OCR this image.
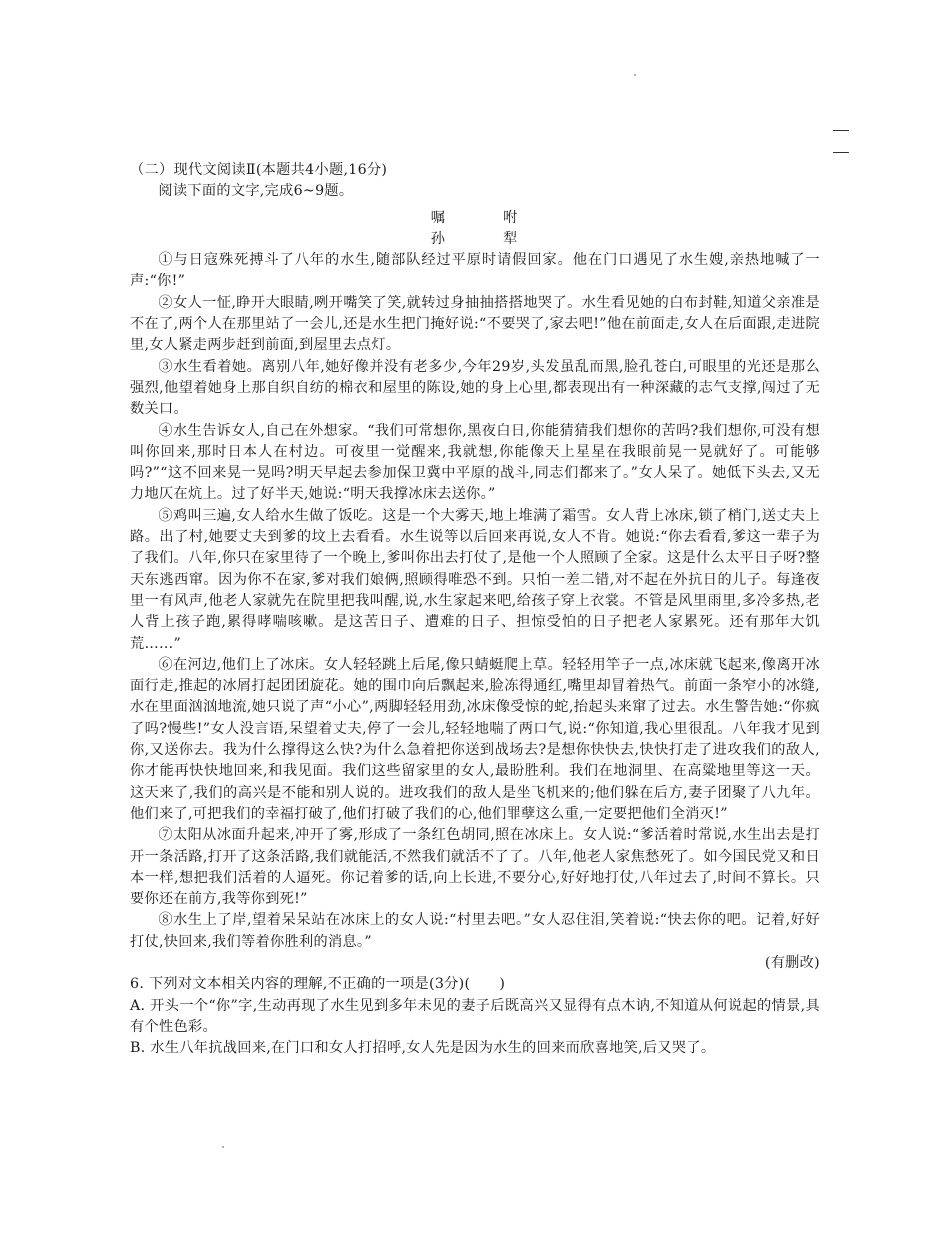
（二）现代文阅读Ⅱ(本题共4小题,16分)

阅读下面的文字,完成6~9题。

嘱　咐

孙　犁

①与日寇殊死搏斗了八年的水生,随部队经过平原时请假回家。他在门口遇见了水生嫂,亲热地喊了一声:“你!”

②女人一怔,睁开大眼睛,咧开嘴笑了笑,就转过身抽抽搭搭地哭了。水生看见她的白布封鞋,知道父亲准是不在了,两个人在那里站了一会儿,还是水生把门掩好说:“不要哭了,家去吧!”他在前面走,女人在后面跟,走进院里,女人紧走两步赶到前面,到屋里去点灯。

③水生看着她。离别八年,她好像并没有老多少,今年29岁,头发虽乱而黑,脸孔苍白,可眼里的光还是那么强烈,他望着她身上那自织自纺的棉衣和屋里的陈设,她的身上心里,都表现出有一种深藏的志气支撑,闯过了无数关口。

④水生告诉女人,自己在外想家。“我们可常想你,黑夜白日,你能猜猜我们想你的苦吗?我们想你,可没有想叫你回来,那时日本人在村边。可夜里一觉醒来,我就想,你能像天上星星在我眼前晃一晃就好了。可能够吗?”“这不回来晃一晃吗?明天早起去参加保卫冀中平原的战斗,同志们都来了。”女人呆了。她低下头去,又无力地仄在炕上。过了好半天,她说:“明天我撑冰床去送你。”

⑤鸡叫三遍,女人给水生做了饭吃。这是一个大雾天,地上堆满了霜雪。女人背上冰床,锁了梢门,送丈夫上路。出了村,她要丈夫到爹的坟上去看看。水生说等以后回来再说,女人不肯。她说:“你去看看,爹这一辈子为了我们。八年,你只在家里待了一个晚上,爹叫你出去打仗了,是他一个人照顾了全家。这是什么太平日子呀?整天东逃西窜。因为你不在家,爹对我们娘俩,照顾得唯恐不到。只怕一差二错,对不起在外抗日的儿子。每逢夜里一有风声,他老人家就先在院里把我叫醒,说,水生家起来吧,给孩子穿上衣裳。不管是风里雨里,多冷多热,老人背上孩子跑,累得哮喘咳嗽。是这苦日子、遭难的日子、担惊受怕的日子把老人家累死。还有那年大饥荒……”

⑥在河边,他们上了冰床。女人轻轻跳上后尾,像只蜻蜓爬上草。轻轻用竿子一点,冰床就飞起来,像离开冰面行走,推起的冰屑打起团团旋花。她的围巾向后飘起来,脸冻得通红,嘴里却冒着热气。前面一条窄小的冰缝,水在里面汹汹地流,她只说了声“小心”,两脚轻轻用劲,冰床像受惊的蛇,抬起头来窜了过去。水生警告她:“你疯了吗?慢些!”女人没言语,呆望着丈夫,停了一会儿,轻轻地喘了两口气,说:“你知道,我心里很乱。八年我才见到你,又送你去。我为什么撑得这么快?为什么急着把你送到战场去?是想你快快去,快快打走了进攻我们的敌人,你才能再快快地回来,和我见面。我们这些留家里的女人,最盼胜利。我们在地洞里、在高粱地里等这一天。这天来了,我们的高兴是不能和别人说的。进攻我们的敌人是坐飞机来的;他们躲在后方,妻子团聚了八九年。他们来了,可把我们的幸福打破了,他们打破了我们的心,他们罪孽这么重,一定要把他们全消灭!”

⑦太阳从冰面升起来,冲开了雾,形成了一条红色胡同,照在冰床上。女人说:“爹活着时常说,水生出去是打开一条活路,打开了这条活路,我们就能活,不然我们就活不了了。八年,他老人家焦愁死了。如今国民党又和日本一样,想把我们活着的人逼死。你记着爹的话,向上长进,不要分心,好好地打仗,八年过去了,时间不算长。只要你还在前方,我等你到死!”

⑧水生上了岸,望着呆呆站在冰床上的女人说:“村里去吧。”女人忍住泪,笑着说:“快去你的吧。记着,好好打仗,快回来,我们等着你胜利的消息。”

(有删改)

6. 下列对文本相关内容的理解,不正确的一项是(3分)(　　)

A. 开头一个“你”字,生动再现了水生见到多年未见的妻子后既高兴又显得有点木讷,不知道从何说起的情景,具有个性色彩。

B. 水生八年抗战回来,在门口和女人打招呼,女人先是因为水生的回来而欣喜地笑,后又哭了。
